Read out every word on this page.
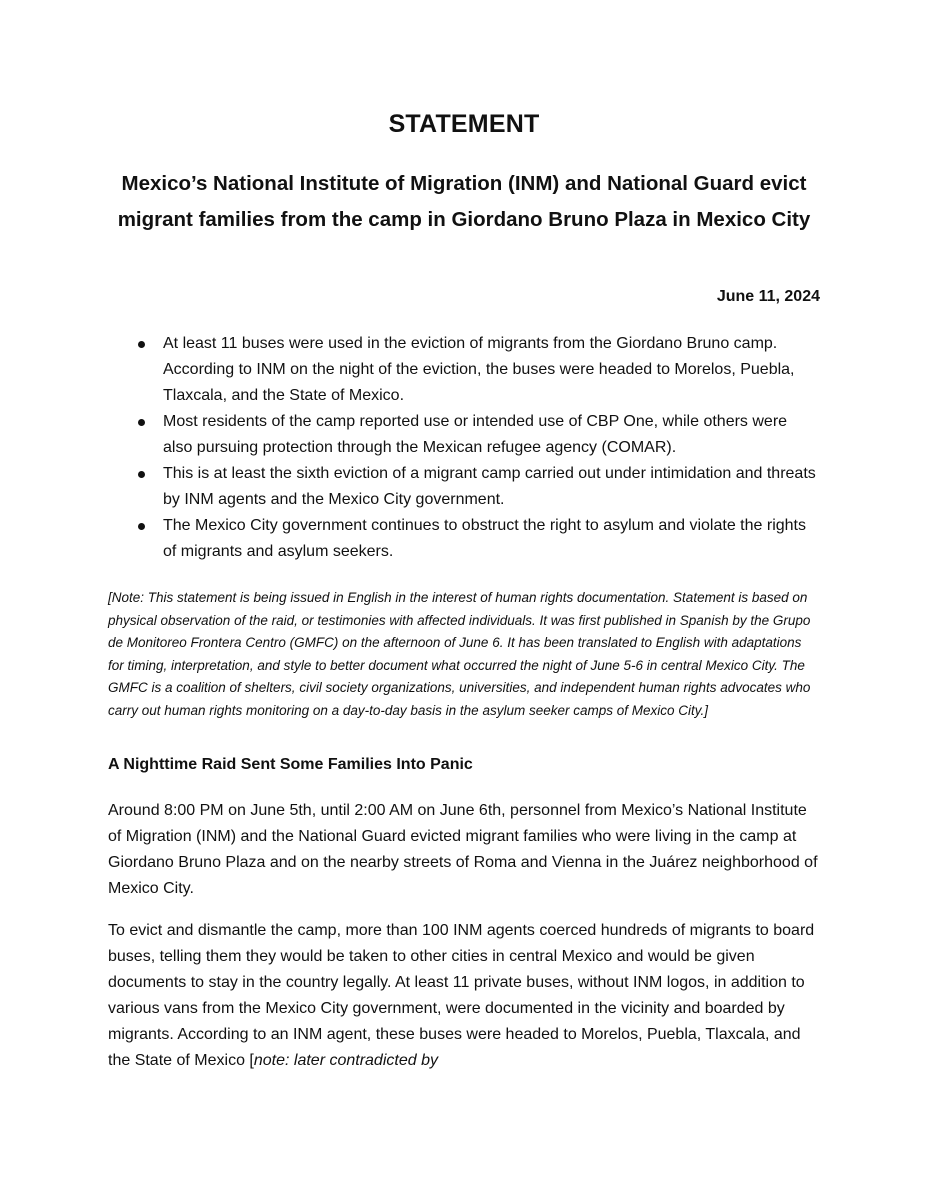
STATEMENT
Mexico’s National Institute of Migration (INM) and National Guard evict migrant families from the camp in Giordano Bruno Plaza in Mexico City
June 11, 2024
At least 11 buses were used in the eviction of migrants from the Giordano Bruno camp. According to INM on the night of the eviction, the buses were headed to Morelos, Puebla, Tlaxcala, and the State of Mexico.
Most residents of the camp reported use or intended use of CBP One, while others were also pursuing protection through the Mexican refugee agency (COMAR).
This is at least the sixth eviction of a migrant camp carried out under intimidation and threats by INM agents and the Mexico City government.
The Mexico City government continues to obstruct the right to asylum and violate the rights of migrants and asylum seekers.

[Note: This statement is being issued in English in the interest of human rights documentation. Statement is based on physical observation of the raid, or testimonies with affected individuals. It was first published in Spanish by the Grupo de Monitoreo Frontera Centro (GMFC) on the afternoon of June 6. It has been translated to English with adaptations for timing, interpretation, and style to better document what occurred the night of June 5-6 in central Mexico City. The GMFC is a coalition of shelters, civil society organizations, universities, and independent human rights advocates who carry out human rights monitoring on a day-to-day basis in the asylum seeker camps of Mexico City.]

A Nighttime Raid Sent Some Families Into Panic

Around 8:00 PM on June 5th, until 2:00 AM on June 6th, personnel from Mexico’s National Institute of Migration (INM) and the National Guard evicted migrant families who were living in the camp at Giordano Bruno Plaza and on the nearby streets of Roma and Vienna in the Juárez neighborhood of Mexico City.

To evict and dismantle the camp, more than 100 INM agents coerced hundreds of migrants to board buses, telling them they would be taken to other cities in central Mexico and would be given documents to stay in the country legally. At least 11 private buses, without INM logos, in addition to various vans from the Mexico City government, were documented in the vicinity and boarded by migrants. According to an INM agent, these buses were headed to Morelos, Puebla, Tlaxcala, and the State of Mexico [note: later contradicted by
